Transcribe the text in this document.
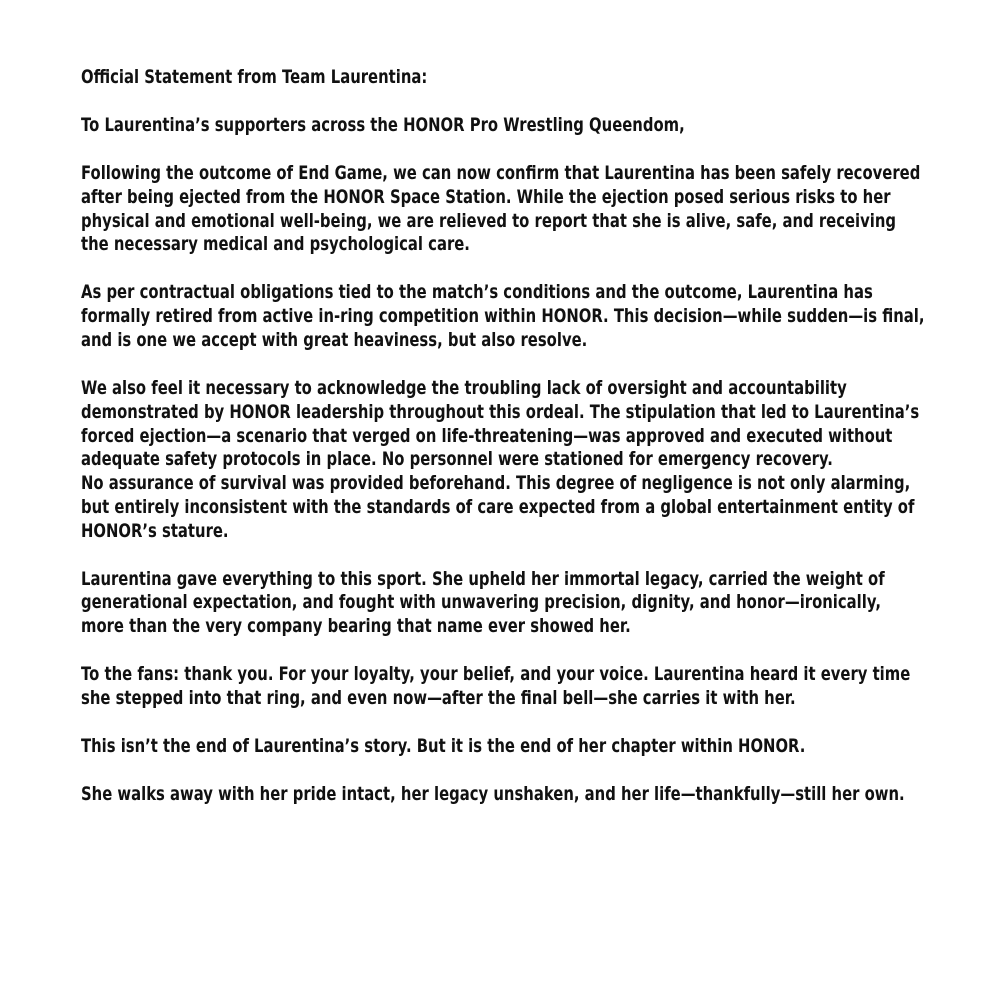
Official Statement from Team Laurentina:

To Laurentina’s supporters across the HONOR Pro Wrestling Queendom,

Following the outcome of End Game, we can now confirm that Laurentina has been safely recovered
after being ejected from the HONOR Space Station. While the ejection posed serious risks to her
physical and emotional well-being, we are relieved to report that she is alive, safe, and receiving
the necessary medical and psychological care.

As per contractual obligations tied to the match’s conditions and the outcome, Laurentina has
formally retired from active in-ring competition within HONOR. This decision—while sudden—is final,
and is one we accept with great heaviness, but also resolve.

We also feel it necessary to acknowledge the troubling lack of oversight and accountability
demonstrated by HONOR leadership throughout this ordeal. The stipulation that led to Laurentina’s
forced ejection—a scenario that verged on life-threatening—was approved and executed without
adequate safety protocols in place. No personnel were stationed for emergency recovery.
No assurance of survival was provided beforehand. This degree of negligence is not only alarming,
but entirely inconsistent with the standards of care expected from a global entertainment entity of
HONOR’s stature.

Laurentina gave everything to this sport. She upheld her immortal legacy, carried the weight of
generational expectation, and fought with unwavering precision, dignity, and honor—ironically,
more than the very company bearing that name ever showed her.

To the fans: thank you. For your loyalty, your belief, and your voice. Laurentina heard it every time
she stepped into that ring, and even now—after the final bell—she carries it with her.

This isn’t the end of Laurentina’s story. But it is the end of her chapter within HONOR.

She walks away with her pride intact, her legacy unshaken, and her life—thankfully—still her own.
